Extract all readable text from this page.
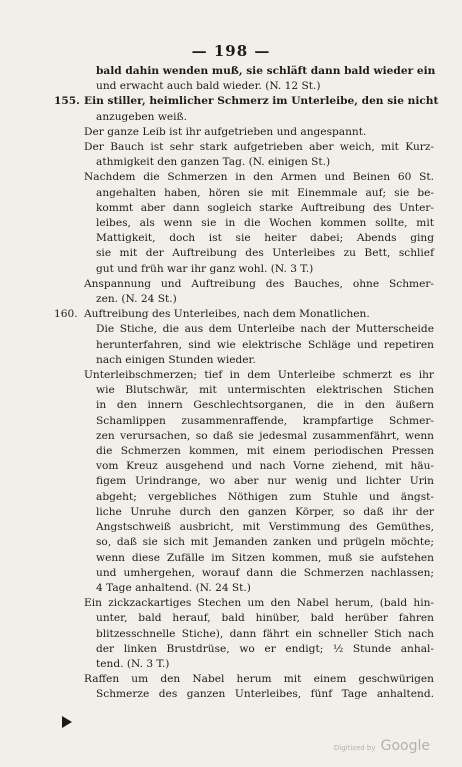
— 198 —
bald dahin wenden muß, sie schläft dann bald wieder ein
und erwacht auch bald wieder. (N. 12 St.)
155. Ein stiller, heimlicher Schmerz im Unterleibe, den sie nicht
anzugeben weiß.
Der ganze Leib ist ihr aufgetrieben und angespannt.
Der Bauch ist sehr stark aufgetrieben aber weich, mit Kurz-
athmigkeit den ganzen Tag. (N. einigen St.)
Nachdem die Schmerzen in den Armen und Beinen 60 St.
angehalten haben, hören sie mit Einemmale auf; sie be-
kommt aber dann sogleich starke Auftreibung des Unter-
leibes, als wenn sie in die Wochen kommen sollte, mit
Mattigkeit, doch ist sie heiter dabei; Abends ging
sie mit der Auftreibung des Unterleibes zu Bett, schlief
gut und früh war ihr ganz wohl. (N. 3 T.)
Anspannung und Auftreibung des Bauches, ohne Schmer-
zen. (N. 24 St.)
160. Auftreibung des Unterleibes, nach dem Monatlichen.
Die Stiche, die aus dem Unterleibe nach der Mutterscheide
herunterfahren, sind wie elektrische Schläge und repetiren
nach einigen Stunden wieder.
Unterleibschmerzen; tief in dem Unterleibe schmerzt es ihr
wie Blutschwär, mit untermischten elektrischen Stichen
in den innern Geschlechtsorganen, die in den äußern
Schamlippen zusammenraffende, krampfartige Schmer-
zen verursachen, so daß sie jedesmal zusammenfährt, wenn
die Schmerzen kommen, mit einem periodischen Pressen
vom Kreuz ausgehend und nach Vorne ziehend, mit häu-
figem Urindrange, wo aber nur wenig und lichter Urin
abgeht; vergebliches Nöthigen zum Stuhle und ängst-
liche Unruhe durch den ganzen Körper, so daß ihr der
Angstschweiß ausbricht, mit Verstimmung des Gemüthes,
so, daß sie sich mit Jemanden zanken und prügeln möchte;
wenn diese Zufälle im Sitzen kommen, muß sie aufstehen
und umhergehen, worauf dann die Schmerzen nachlassen;
4 Tage anhaltend. (N. 24 St.)
Ein zickzackartiges Stechen um den Nabel herum, (bald hin-
unter, bald herauf, bald hinüber, bald herüber fahren
blitzesschnelle Stiche), dann fährt ein schneller Stich nach
der linken Brustdrüse, wo er endigt; ½ Stunde anhal-
tend. (N. 3 T.)
Raffen um den Nabel herum mit einem geschwürigen
Schmerze des ganzen Unterleibes, fünf Tage anhaltend.
Digitized by Google
